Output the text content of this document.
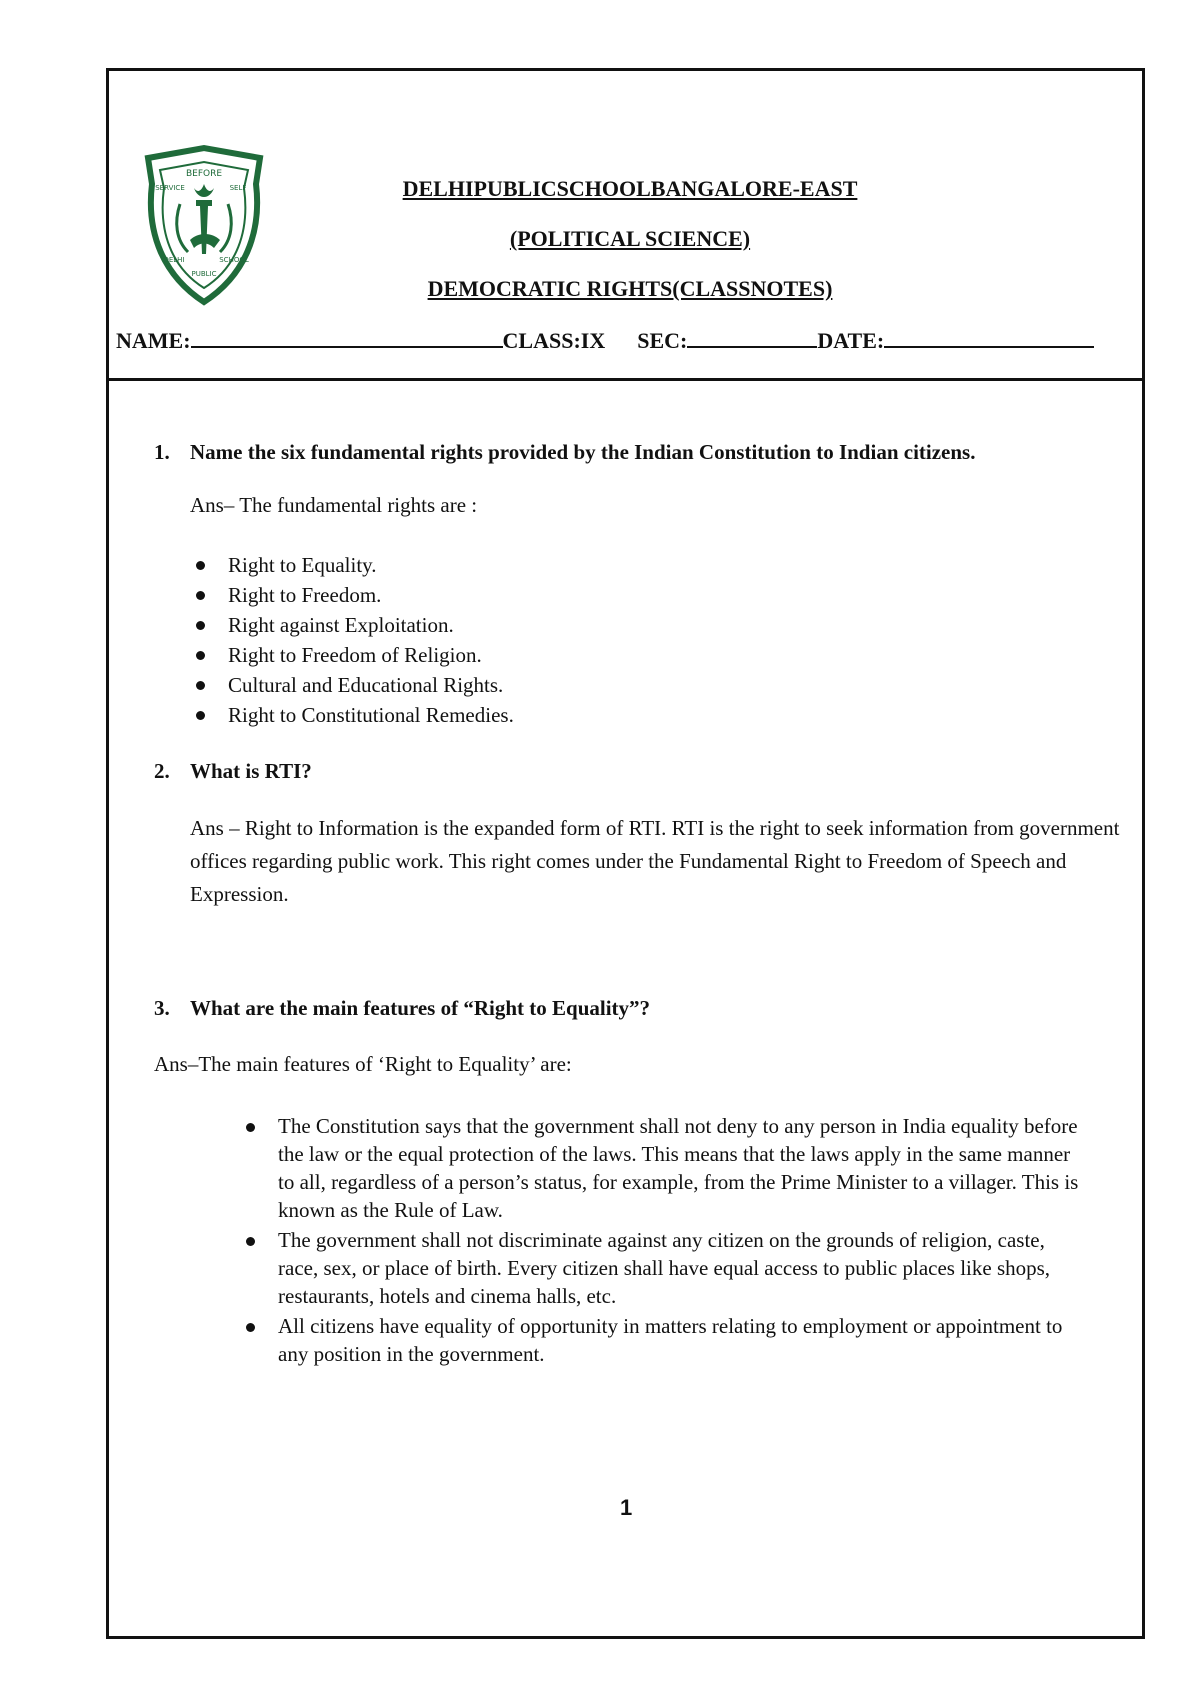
BEFORE
SERVICE	SELF
DELHI
PUBLIC
SCHOOL
DELHIPUBLICSCHOOLBANGALORE-EAST
(POLITICAL SCIENCE)
DEMOCRATIC RIGHTS(CLASSNOTES)
NAME:	CLASS:IX SEC:	DATE:
1. Name the six fundamental rights provided by the Indian Constitution to Indian citizens.
Ans– The fundamental rights are :
Right to Equality.
Right to Freedom.
Right against Exploitation.
Right to Freedom of Religion.
Cultural and Educational Rights.
Right to Constitutional Remedies.
2. What is RTI?
Ans – Right to Information is the expanded form of RTI. RTI is the right to seek information from government offices regarding public work. This right comes under the Fundamental Right to Freedom of Speech and Expression.
3. What are the main features of “Right to Equality”?
Ans–The main features of ‘Right to Equality’ are:
The Constitution says that the government shall not deny to any person in India equality before the law or the equal protection of the laws. This means that the laws apply in the same manner to all, regardless of a person’s status, for example, from the Prime Minister to a villager. This is known as the Rule of Law.
The government shall not discriminate against any citizen on the grounds of religion, caste, race, sex, or place of birth. Every citizen shall have equal access to public places like shops, restaurants, hotels and cinema halls, etc.
All citizens have equality of opportunity in matters relating to employment or appointment to any position in the government.
1
